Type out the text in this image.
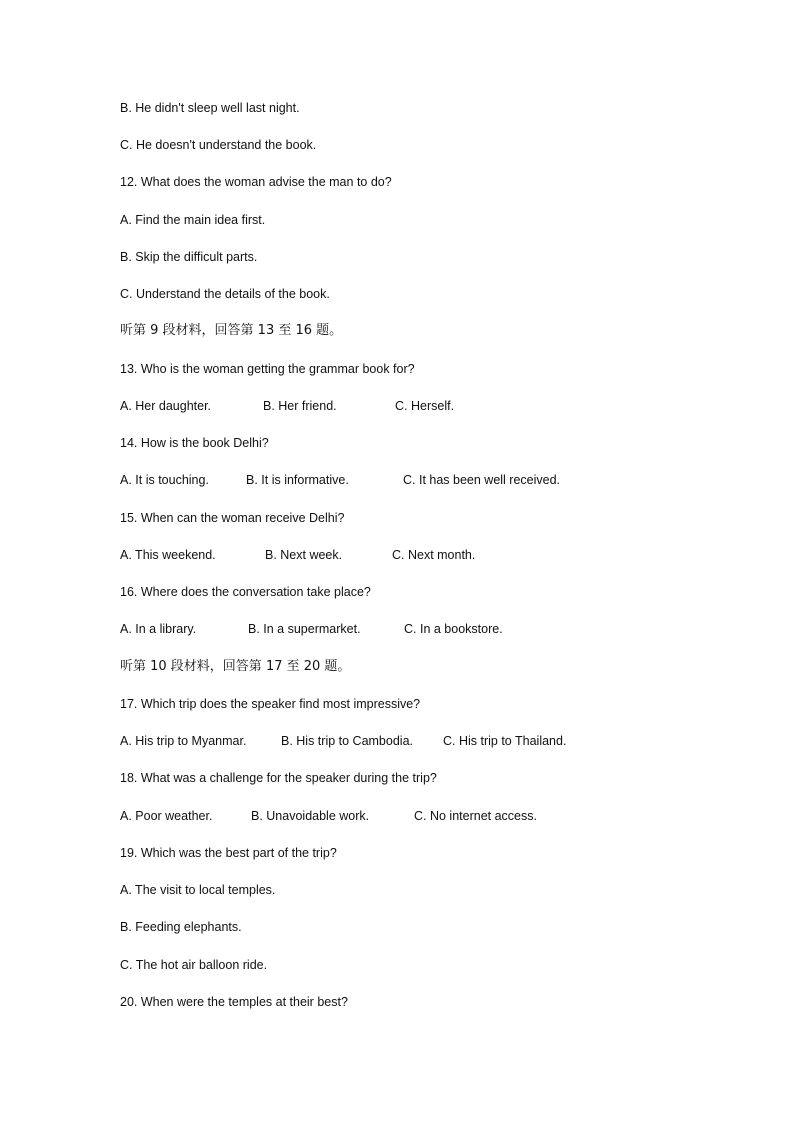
B. He didn't sleep well last night.
C. He doesn't understand the book.
12. What does the woman advise the man to do?
A. Find the main idea first.
B. Skip the difficult parts.
C. Understand the details of the book.
听第 9 段材料，回答第 13 至 16 题。
13. Who is the woman getting the grammar book for?
A. Her daughter.	B. Her friend.	C. Herself.
14. How is the book Delhi?
A. It is touching.	B. It is informative.	C. It has been well received.
15. When can the woman receive Delhi?
A. This weekend.	B. Next week.	C. Next month.
16. Where does the conversation take place?
A. In a library.	B. In a supermarket.	C. In a bookstore.
听第 10 段材料，回答第 17 至 20 题。
17. Which trip does the speaker find most impressive?
A. His trip to Myanmar.	B. His trip to Cambodia. C. His trip to Thailand.
18. What was a challenge for the speaker during the trip?
A. Poor weather.	B. Unavoidable work.	C. No internet access.
19. Which was the best part of the trip?
A. The visit to local temples.
B. Feeding elephants.
C. The hot air balloon ride.
20. When were the temples at their best?
